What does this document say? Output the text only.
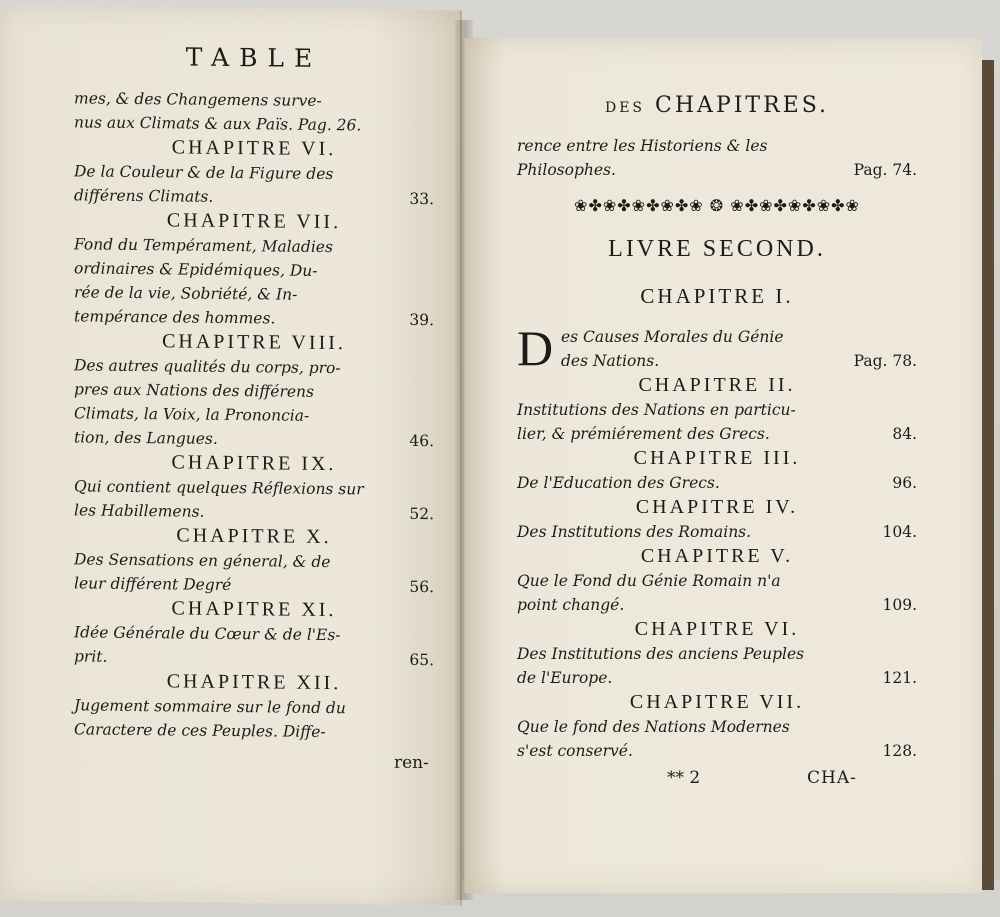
TABLE
mes, & des Changemens surve-
nus aux Climats & aux Païs. Pag. 26.
CHAPITRE VI.
De la Couleur & de la Figure des
différens Climats.	33.
CHAPITRE VII.
Fond du Tempérament, Maladies
ordinaires & Epidémiques, Du-
rée de la vie, Sobriété, & In-
tempérance des hommes.	39.
CHAPITRE VIII.
Des autres qualités du corps, pro-
pres aux Nations des différens
Climats, la Voix, la Prononcia-
tion, des Langues.	46.
CHAPITRE IX.
Qui contient quelques Réflexions sur
les Habillemens.	52.
CHAPITRE X.
Des Sensations en géneral, & de
leur différent Degré	56.
CHAPITRE XI.
Idée Générale du Cœur & de l'Es-
prit.	65.
CHAPITRE XII.
Jugement sommaire sur le fond du
Caractere de ces Peuples. Diffe-
ren-
DES CHAPITRES.
rence entre les Historiens & les
Philosophes.	Pag. 74.
❀✤❀✤❀✤❀✤❀ ❂ ❀✤❀✤❀✤❀✤❀
LIVRE SECOND.
CHAPITRE I.
D es Causes Morales du Génie
des Nations.	Pag. 78.
CHAPITRE II.
Institutions des Nations en particu-
lier, & prémiérement des Grecs.	84.
CHAPITRE III.
De l'Education des Grecs.	96.
CHAPITRE IV.
Des Institutions des Romains.	104.
CHAPITRE V.
Que le Fond du Génie Romain n'a
point changé.	109.
CHAPITRE VI.
Des Institutions des anciens Peuples
de l'Europe.	121.
CHAPITRE VII.
Que le fond des Nations Modernes
s'est conservé.	128.
** 2	CHA-
